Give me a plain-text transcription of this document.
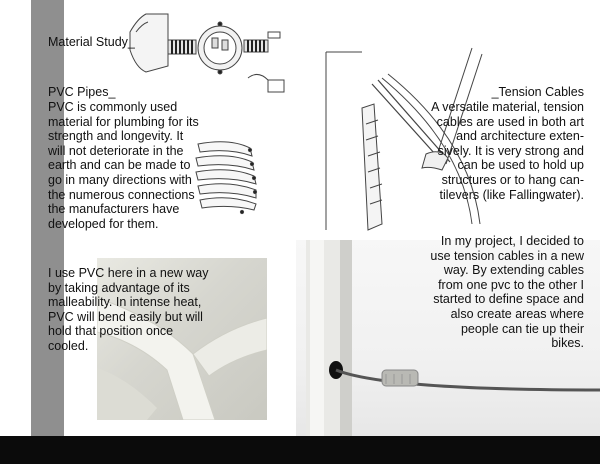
Material Study_

PVC Pipes_

PVC is commonly used
material for plumbing for its
strength and longevity. It
will not deteriorate in the
earth and can be made to
go in many directions with
the numerous connections
the manufacturers have
developed for them.
I use PVC here in a new way
by taking advantage of its
malleability. In intense heat,
PVC will bend easily but will
hold that position once
cooled.

_Tension Cables

A versatile material, tension
cables are used in both art
and architecture exten-
sively. It is very strong and
can be used to hold up
structures or to hang can-
tilevers (like Fallingwater).
In my project, I decided to
use tension cables in a new
way. By extending cables
from one pvc to the other I
started to define space and
also create areas where
people can tie up their
bikes.
